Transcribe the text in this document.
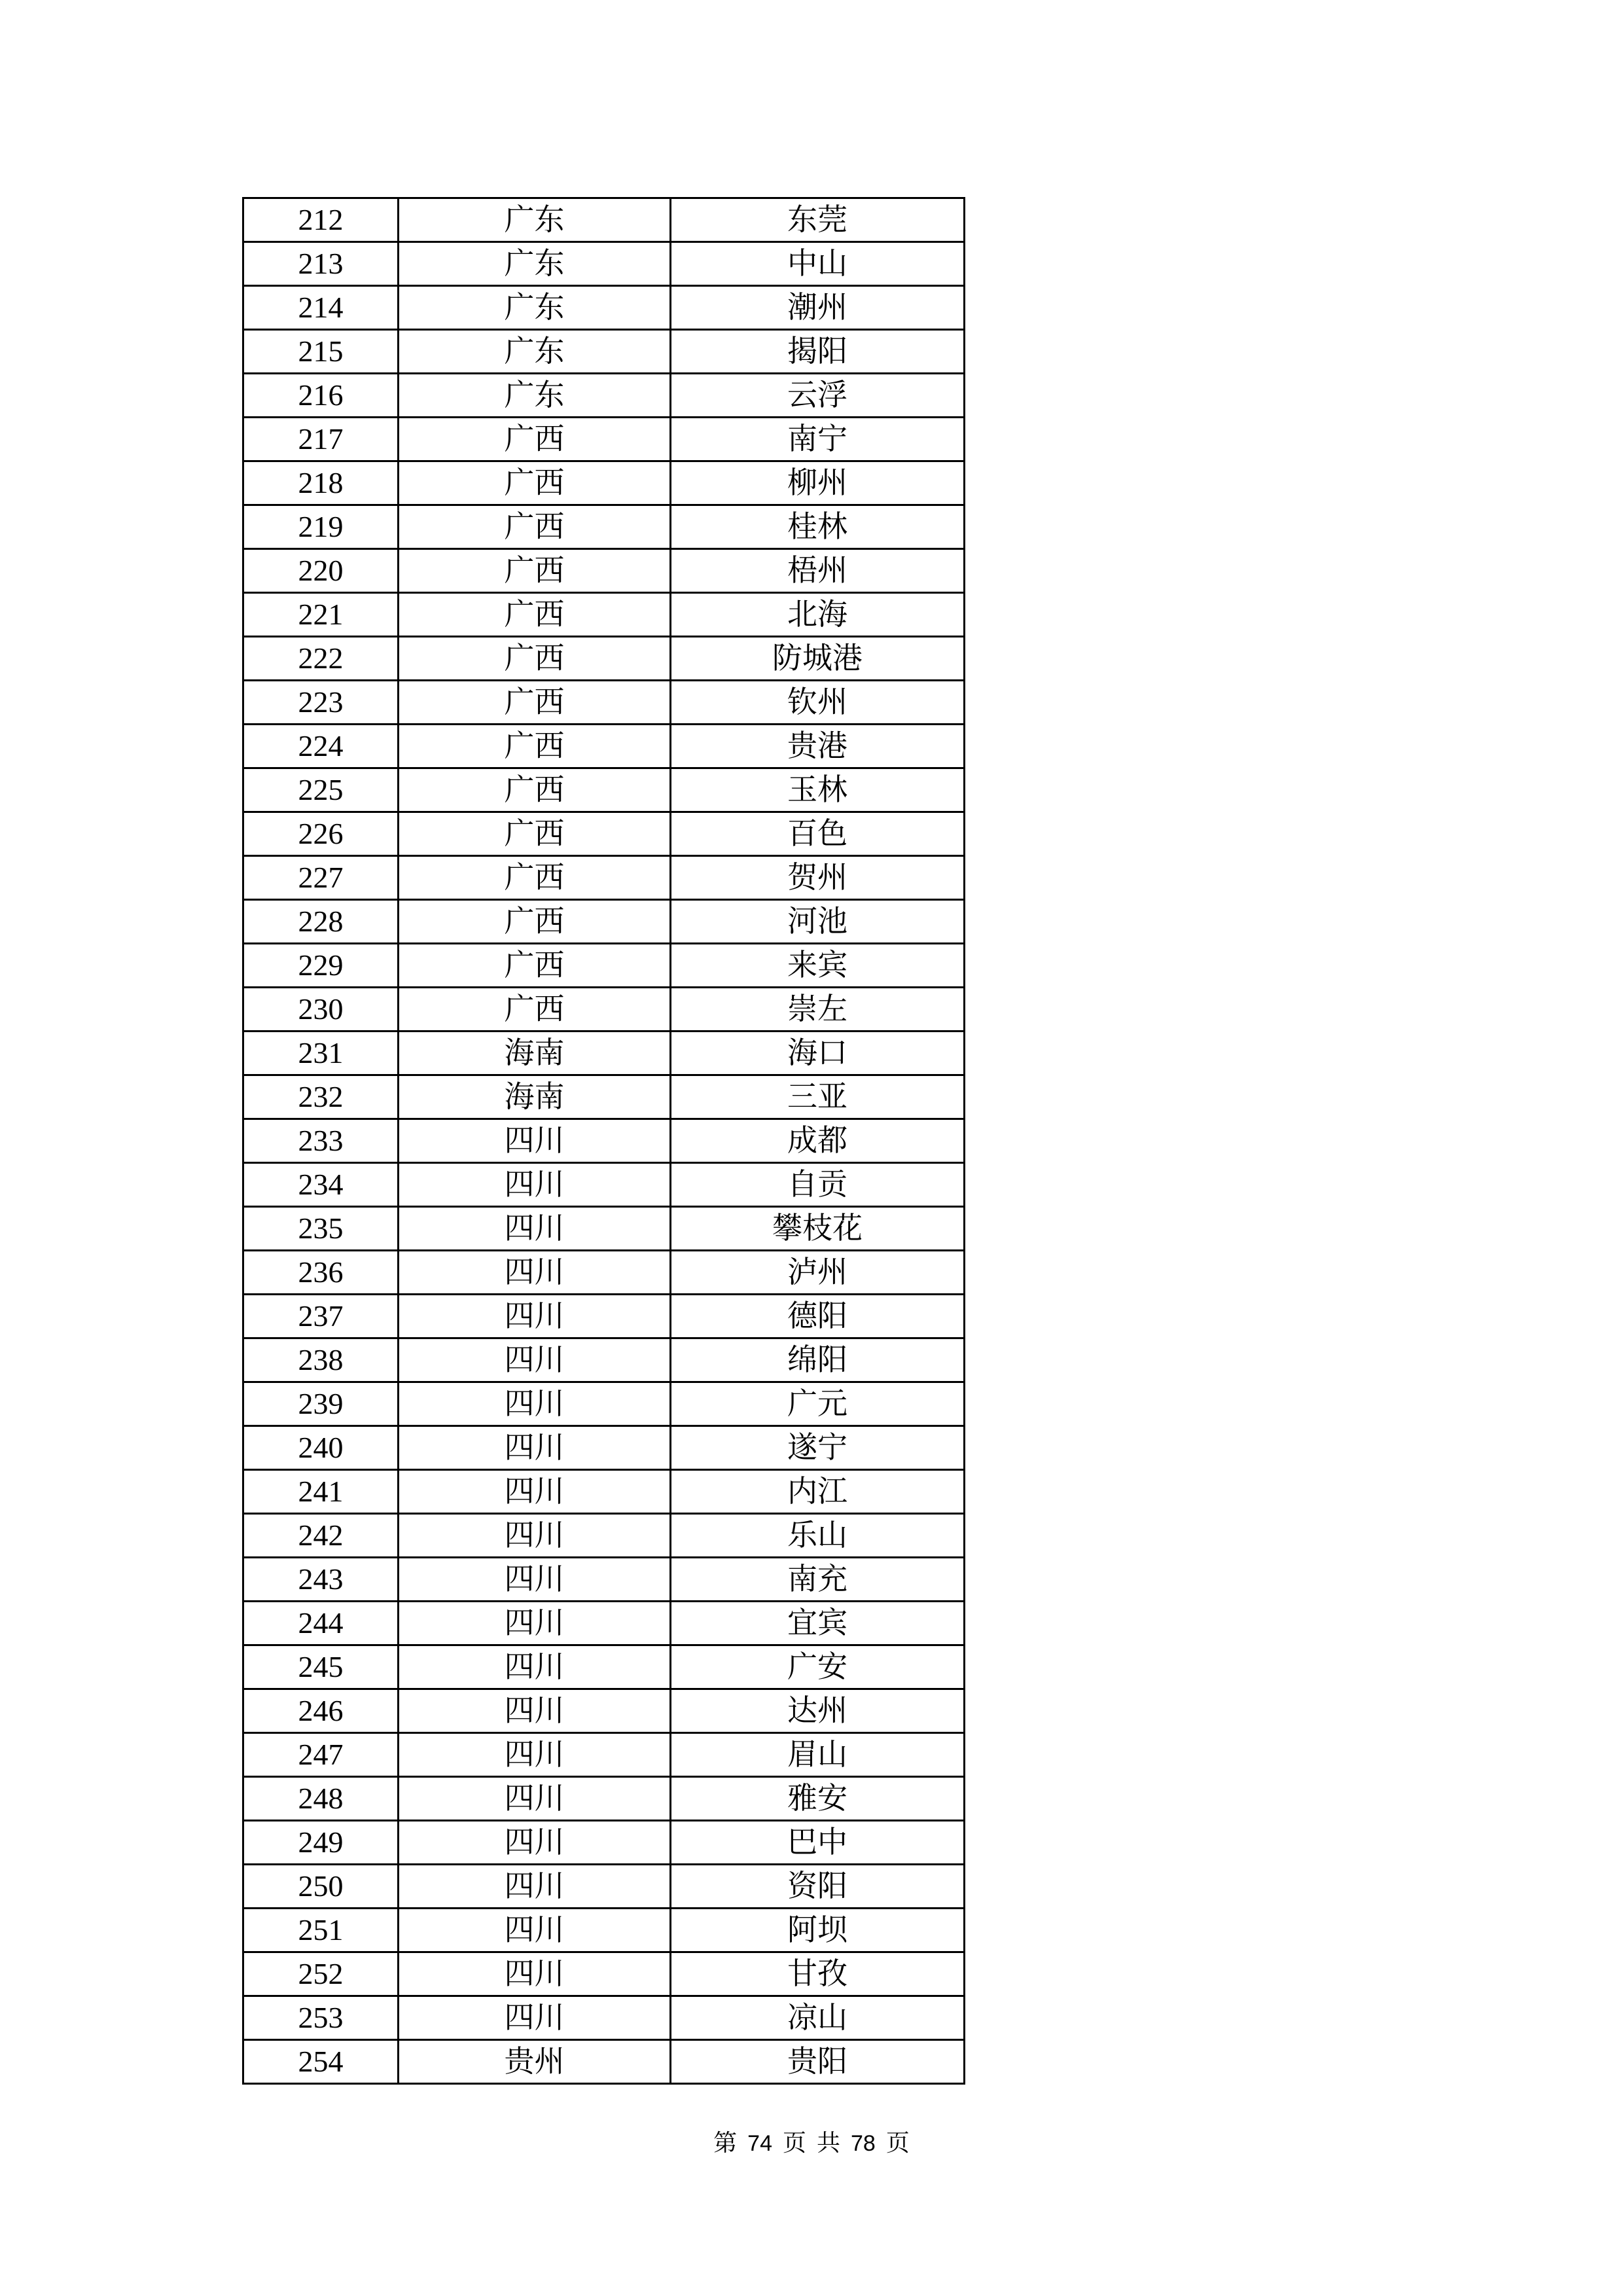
212	广东	东莞
213	广东	中山
214	广东	潮州
215	广东	揭阳
216	广东	云浮
217	广西	南宁
218	广西	柳州
219	广西	桂林
220	广西	梧州
221	广西	北海
222	广西	防城港
223	广西	钦州
224	广西	贵港
225	广西	玉林
226	广西	百色
227	广西	贺州
228	广西	河池
229	广西	来宾
230	广西	崇左
231	海南	海口
232	海南	三亚
233	四川	成都
234	四川	自贡
235	四川	攀枝花
236	四川	泸州
237	四川	德阳
238	四川	绵阳
239	四川	广元
240	四川	遂宁
241	四川	内江
242	四川	乐山
243	四川	南充
244	四川	宜宾
245	四川	广安
246	四川	达州
247	四川	眉山
248	四川	雅安
249	四川	巴中
250	四川	资阳
251	四川	阿坝
252	四川	甘孜
253	四川	凉山
254	贵州	贵阳
第 74 页 共 78 页
